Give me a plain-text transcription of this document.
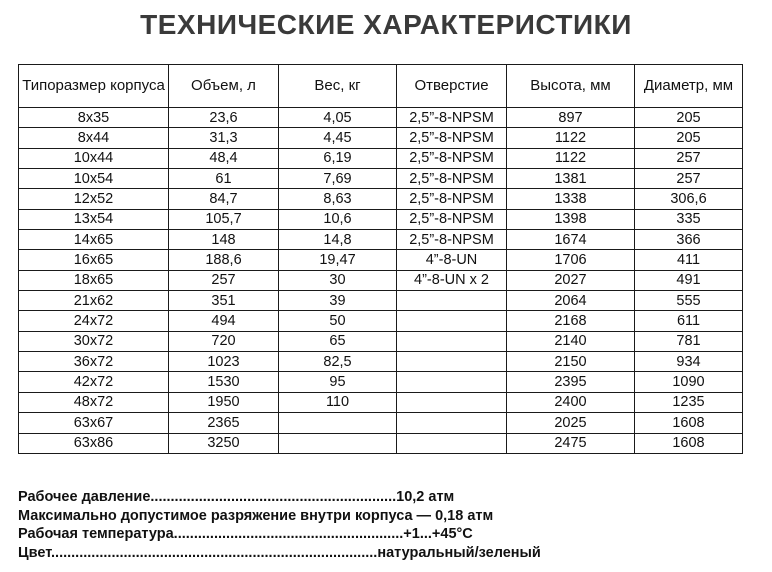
ТЕХНИЧЕСКИЕ ХАРАКТЕРИСТИКИ
Типоразмер корпуса	Объем, л	Вес, кг	Отверстие	Высота, мм	Диаметр, мм
8x35	23,6	4,05	2,5”-8-NPSM	897	205
8x44	31,3	4,45	2,5”-8-NPSM	1122	205
10x44	48,4	6,19	2,5”-8-NPSM	1122	257
10x54	61	7,69	2,5”-8-NPSM	1381	257
12x52	84,7	8,63	2,5”-8-NPSM	1338	306,6
13x54	105,7	10,6	2,5”-8-NPSM	1398	335
14x65	148	14,8	2,5”-8-NPSM	1674	366
16x65	188,6	19,47	4”-8-UN	1706	411
18x65	257	30	4”-8-UN x 2	2027	491
21x62	351	39		2064	555
24x72	494	50		2168	611
30x72	720	65		2140	781
36x72	1023	82,5		2150	934
42x72	1530	95		2395	1090
48x72	1950	110		2400	1235
63x67	2365			2025	1608
63x86	3250			2475	1608
Рабочее давление.............................................................10,2 атм
Максимально допустимое разряжение внутри корпуса — 0,18 атм
Рабочая температура.........................................................+1...+45°С
Цвет.................................................................................натуральный/зеленый
